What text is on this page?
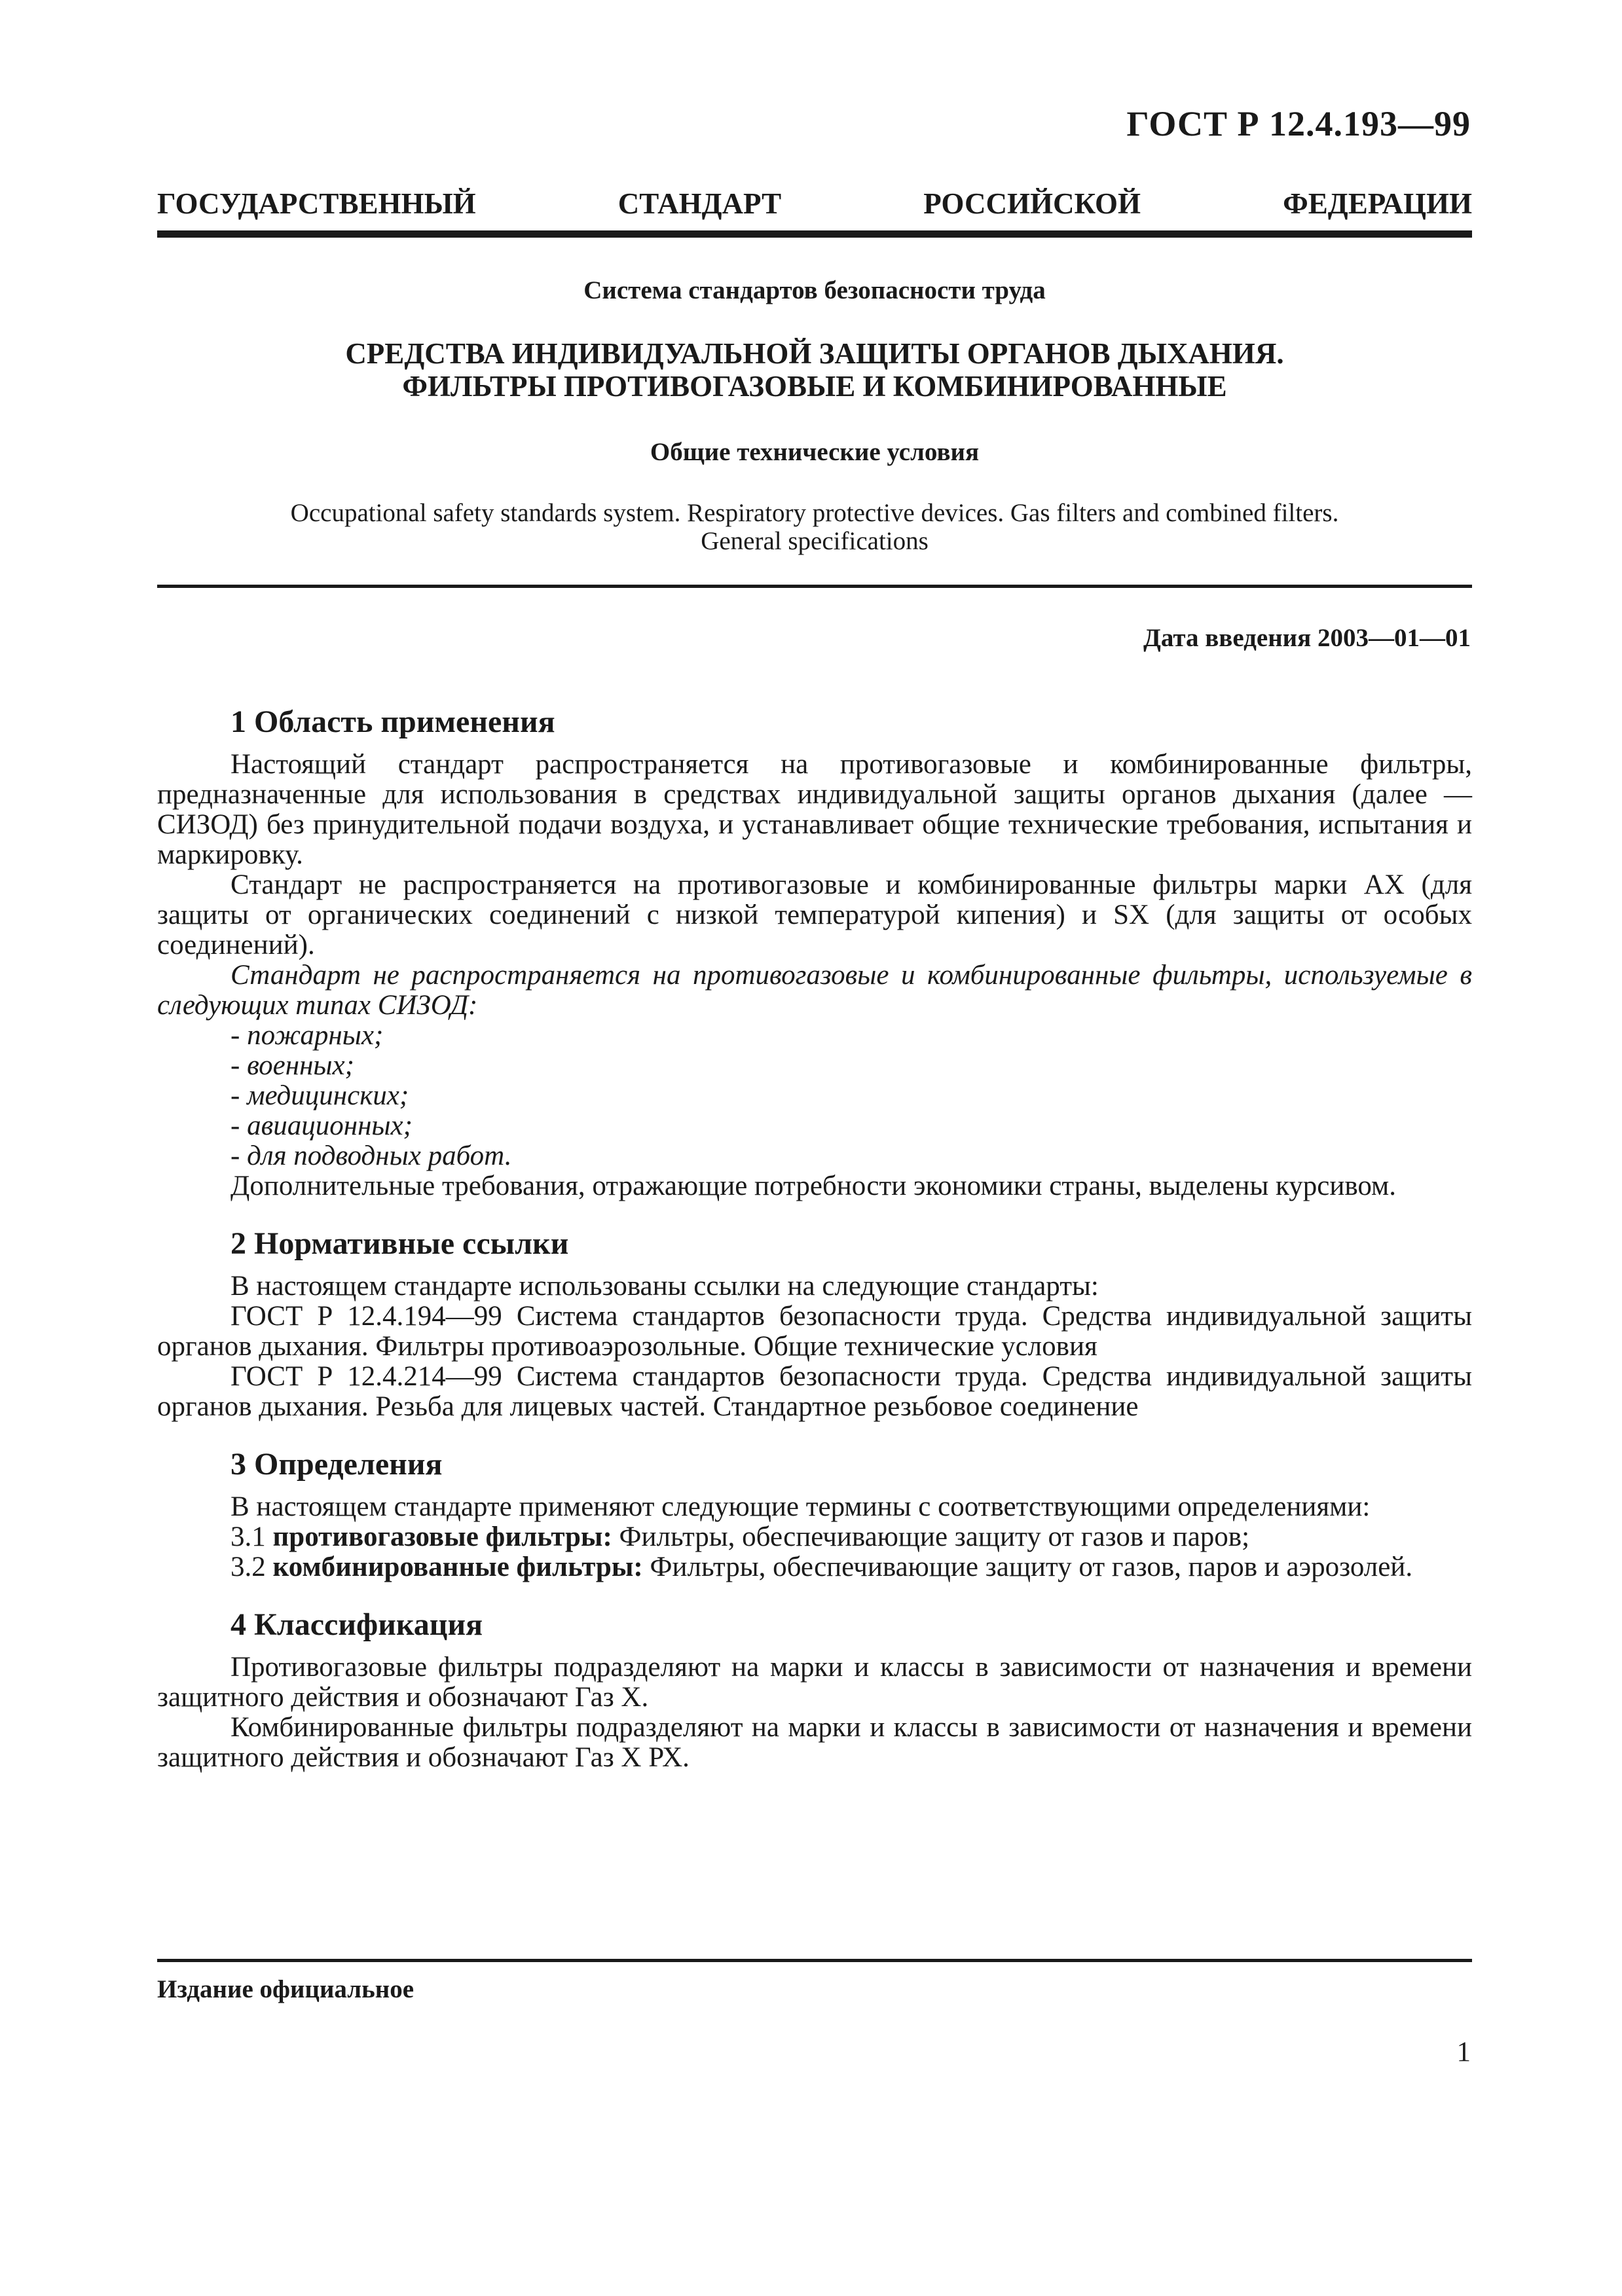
ГОСТ Р 12.4.193—99
ГОСУДАРСТВЕННЫЙ СТАНДАРТ РОССИЙСКОЙ ФЕДЕРАЦИИ
Система стандартов безопасности труда
СРЕДСТВА ИНДИВИДУАЛЬНОЙ ЗАЩИТЫ ОРГАНОВ ДЫХАНИЯ.
ФИЛЬТРЫ ПРОТИВОГАЗОВЫЕ И КОМБИНИРОВАННЫЕ
Общие технические условия
Occupational safety standards system. Respiratory protective devices. Gas filters and combined filters.
General specifications
Дата введения 2003—01—01
1 Область применения

Настоящий стандарт распространяется на противогазовые и комбинированные фильтры, предназначенные для использования в средствах индивидуальной защиты органов дыхания (далее — СИЗОД) без принудительной подачи воздуха, и устанавливает общие технические требования, испытания и маркировку.

Стандарт не распространяется на противогазовые и комбинированные фильтры марки АХ (для защиты от органических соединений с низкой температурой кипения) и SX (для защиты от особых соединений).

Стандарт не распространяется на противогазовые и комбинированные фильтры, используемые в следующих типах СИЗОД:

- пожарных;

- военных;

- медицинских;

- авиационных;

- для подводных работ.

Дополнительные требования, отражающие потребности экономики страны, выделены курсивом.

2 Нормативные ссылки

В настоящем стандарте использованы ссылки на следующие стандарты:

ГОСТ Р 12.4.194—99 Система стандартов безопасности труда. Средства индивидуальной защиты органов дыхания. Фильтры противоаэрозольные. Общие технические условия

ГОСТ Р 12.4.214—99 Система стандартов безопасности труда. Средства индивидуальной защиты органов дыхания. Резьба для лицевых частей. Стандартное резьбовое соединение

3 Определения

В настоящем стандарте применяют следующие термины с соответствующими определениями:

3.1 противогазовые фильтры: Фильтры, обеспечивающие защиту от газов и паров;

3.2 комбинированные фильтры: Фильтры, обеспечивающие защиту от газов, паров и аэрозолей.

4 Классификация

Противогазовые фильтры подразделяют на марки и классы в зависимости от назначения и времени защитного действия и обозначают Газ Х.

Комбинированные фильтры подразделяют на марки и классы в зависимости от назначения и времени защитного действия и обозначают Газ Х РХ.

Издание официальное
1
